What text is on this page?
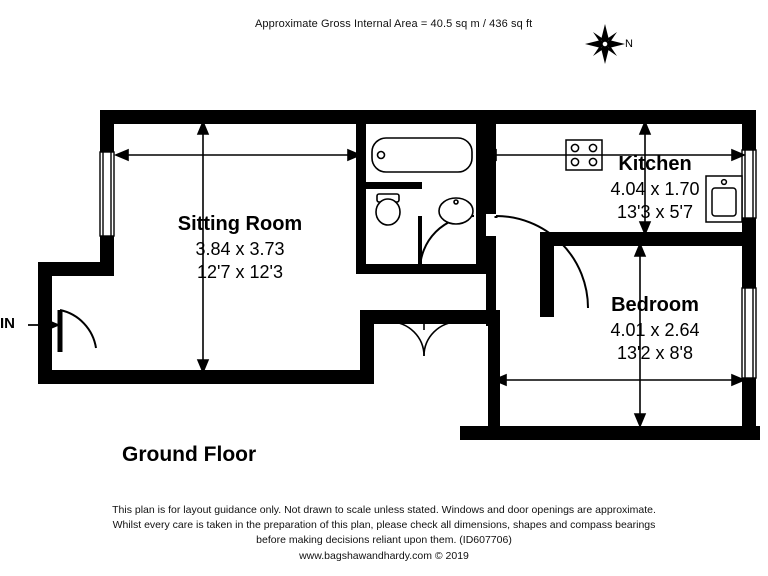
Approximate Gross Internal Area = 40.5 sq m / 436 sq ft
N
Sitting Room
3.84 x 3.73
12'7 x 12'3
Kitchen
4.04 x 1.70
13'3 x 5'7
Bedroom
4.01 x 2.64
13'2 x 8'8
IN
Ground Floor
This plan is for layout guidance only. Not drawn to scale unless stated. Windows and door openings are approximate.
Whilst every care is taken in the preparation of this plan, please check all dimensions, shapes and compass bearings
before making decisions reliant upon them. (ID607706)
www.bagshawandhardy.com © 2019
